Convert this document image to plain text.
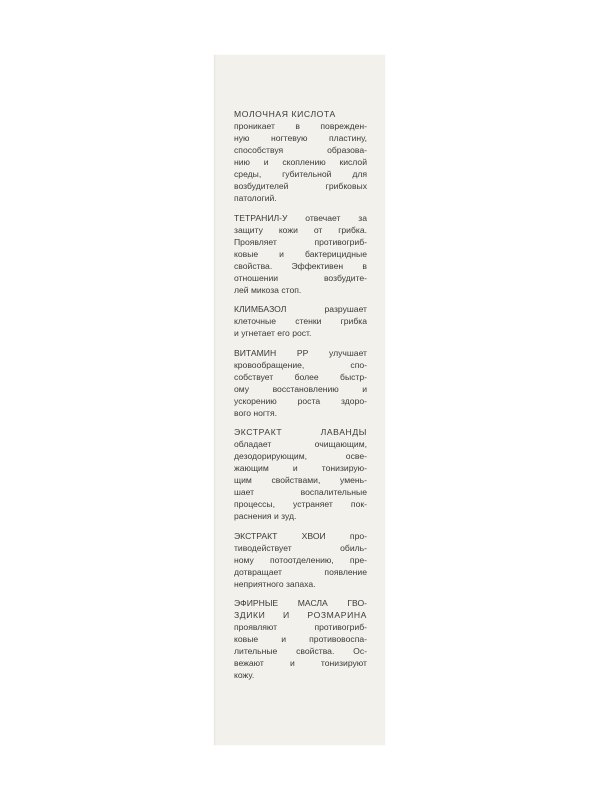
МОЛОЧНАЯ КИСЛОТА
проникает в поврежден-
ную ногтевую пластину,
способствуя образова-
нию и скоплению кислой
среды, губительной для
возбудителей грибковых
патологий.
ТЕТРАНИЛ-У отвечает за
защиту кожи от грибка.
Проявляет противогриб-
ковые и бактерицидные
свойства. Эффективен в
отношении возбудите-
лей микоза стоп.
КЛИМБАЗОЛ разрушает
клеточные стенки грибка
и угнетает его рост.
ВИТАМИН РР улучшает
кровообращение, спо-
собствует более быстр-
ому восстановлению и
ускорению роста здоро-
вого ногтя.
ЭКСТРАКТ ЛАВАНДЫ
обладает очищающим,
дезодорирующим, осве-
жающим и тонизирую-
щим свойствами, умень-
шает воспалительные
процессы, устраняет пок-
раснения и зуд.
ЭКСТРАКТ ХВОИ про-
тиводействует обиль-
ному потоотделению, пре-
дотвращает появление
неприятного запаха.
ЭФИРНЫЕ МАСЛА ГВО-
ЗДИКИ И РОЗМАРИНА
проявляют противогриб-
ковые и противовоспа-
лительные свойства. Ос-
вежают и тонизируют
кожу.
